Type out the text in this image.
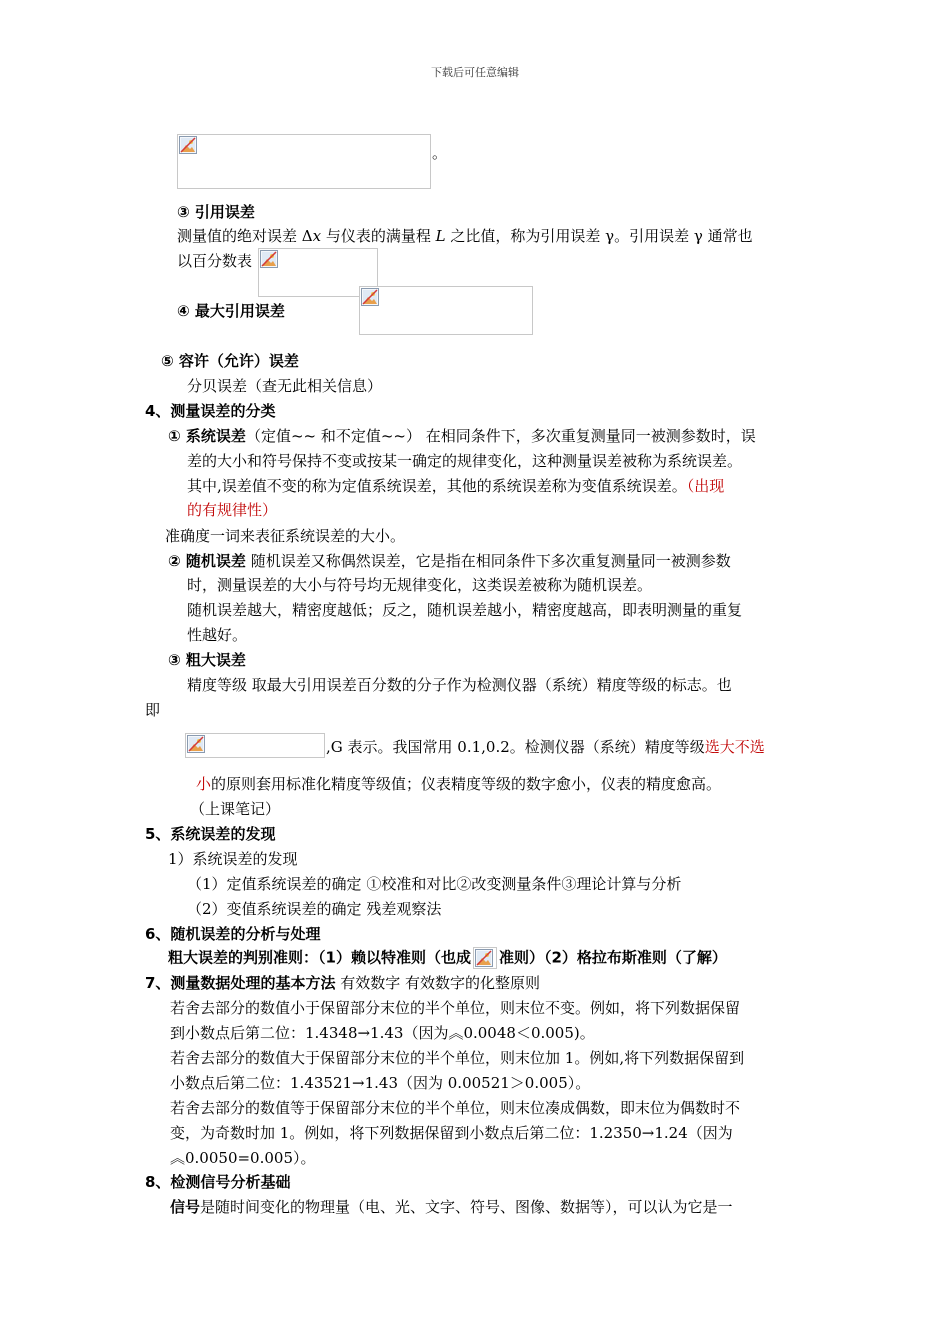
下载后可任意编辑
。
③ 引用误差
测量值的绝对误差 Δx 与仪表的满量程 L 之比值，称为引用误差 γ。引用误差 γ 通常也
以百分数表
④ 最大引用误差
⑤ 容许（允许）误差
分贝误差（查无此相关信息）
4、测量误差的分类
① 系统误差（定值~~ 和不定值~~） 在相同条件下，多次重复测量同一被测参数时，误
差的大小和符号保持不变或按某一确定的规律变化，这种测量误差被称为系统误差。
其中,误差值不变的称为定值系统误差，其他的系统误差称为变值系统误差。（出现
的有规律性）
准确度一词来表征系统误差的大小。
② 随机误差 随机误差又称偶然误差，它是指在相同条件下多次重复测量同一被测参数
时，测量误差的大小与符号均无规律变化，这类误差被称为随机误差。
随机误差越大，精密度越低；反之，随机误差越小，精密度越高，即表明测量的重复
性越好。
③ 粗大误差
精度等级 取最大引用误差百分数的分子作为检测仪器（系统）精度等级的标志。也
即
,G 表示。我国常用 0.1,0.2。检测仪器（系统）精度等级选大不选
小的原则套用标准化精度等级值；仪表精度等级的数字愈小，仪表的精度愈高。
（上课笔记）
5、系统误差的发现
1）系统误差的发现
（1）定值系统误差的确定 ①校准和对比②改变测量条件③理论计算与分析
（2）变值系统误差的确定 残差观察法
6、随机误差的分析与处理
粗大误差的判别准则：（1）赖以特准则（也成 准则）（2）格拉布斯准则（了解）
7、测量数据处理的基本方法 有效数字 有效数字的化整原则
若舍去部分的数值小于保留部分末位的半个单位，则末位不变。例如，将下列数据保留
到小数点后第二位：1.4348→1.43（因为︽0.0048＜0.005)。
若舍去部分的数值大于保留部分末位的半个单位，则末位加 1。例如,将下列数据保留到
小数点后第二位：1.43521→1.43（因为 0.00521＞0.005）。
若舍去部分的数值等于保留部分末位的半个单位，则末位凑成偶数，即末位为偶数时不
变，为奇数时加 1。例如，将下列数据保留到小数点后第二位：1.2350→1.24（因为
︽0.0050=0.005）。
8、检测信号分析基础
信号是随时间变化的物理量（电、光、文字、符号、图像、数据等），可以认为它是一
